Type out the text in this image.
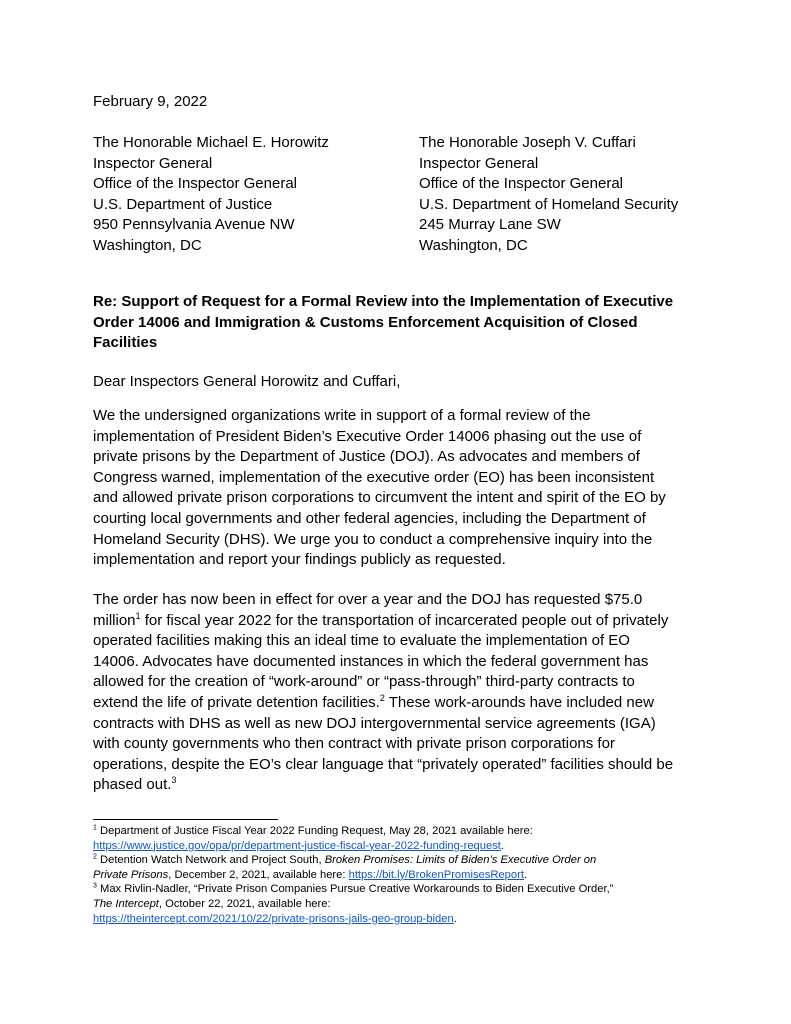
February 9, 2022
The Honorable Michael E. Horowitz
Inspector General
Office of the Inspector General
U.S. Department of Justice
950 Pennsylvania Avenue NW
Washington, DC
The Honorable Joseph V. Cuffari
Inspector General
Office of the Inspector General
U.S. Department of Homeland Security
245 Murray Lane SW
Washington, DC
Re: Support of Request for a Formal Review into the Implementation of Executive
Order 14006 and Immigration & Customs Enforcement Acquisition of Closed
Facilities
Dear Inspectors General Horowitz and Cuffari,
We the undersigned organizations write in support of a formal review of the
implementation of President Biden’s Executive Order 14006 phasing out the use of
private prisons by the Department of Justice (DOJ). As advocates and members of
Congress warned, implementation of the executive order (EO) has been inconsistent
and allowed private prison corporations to circumvent the intent and spirit of the EO by
courting local governments and other federal agencies, including the Department of
Homeland Security (DHS). We urge you to conduct a comprehensive inquiry into the
implementation and report your findings publicly as requested.
The order has now been in effect for over a year and the DOJ has requested $75.0
million$^1$ for fiscal year 2022 for the transportation of incarcerated people out of privately
operated facilities making this an ideal time to evaluate the implementation of EO
14006. Advocates have documented instances in which the federal government has
allowed for the creation of “work-around” or “pass-through” third-party contracts to
extend the life of private detention facilities.$^2$ These work-arounds have included new
contracts with DHS as well as new DOJ intergovernmental service agreements (IGA)
with county governments who then contract with private prison corporations for
operations, despite the EO’s clear language that “privately operated” facilities should be
phased out.$^3$
$^1$ Department of Justice Fiscal Year 2022 Funding Request, May 28, 2021 available here:
https://www.justice.gov/opa/pr/department-justice-fiscal-year-2022-funding-request.
$^2$ Detention Watch Network and Project South, Broken Promises: Limits of Biden’s Executive Order on
Private Prisons, December 2, 2021, available here: https://bit.ly/BrokenPromisesReport.
$^3$ Max Rivlin-Nadler, “Private Prison Companies Pursue Creative Workarounds to Biden Executive Order,”
The Intercept, October 22, 2021, available here:
https://theintercept.com/2021/10/22/private-prisons-jails-geo-group-biden.
